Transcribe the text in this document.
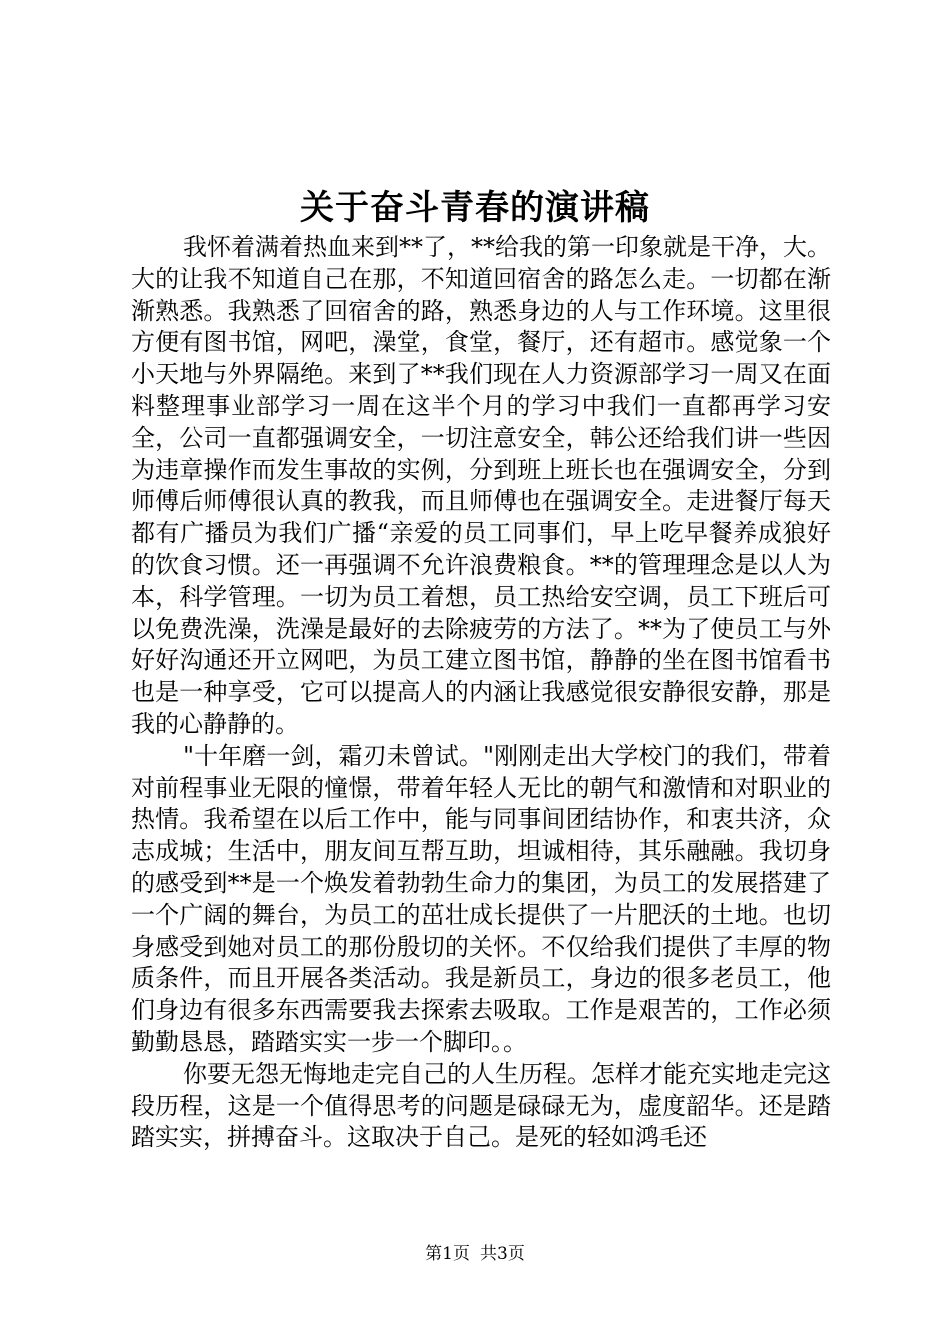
关于奋斗青春的演讲稿

我怀着满着热血来到**了，**给我的第一印象就是干净，大。大的让我不知道自己在那，不知道回宿舍的路怎么走。一切都在渐渐熟悉。我熟悉了回宿舍的路，熟悉身边的人与工作环境。这里很方便有图书馆，网吧，澡堂，食堂，餐厅，还有超市。感觉象一个小天地与外界隔绝。来到了**我们现在人力资源部学习一周又在面料整理事业部学习一周在这半个月的学习中我们一直都再学习安全，公司一直都强调安全，一切注意安全，韩公还给我们讲一些因为违章操作而发生事故的实例，分到班上班长也在强调安全，分到师傅后师傅很认真的教我，而且师傅也在强调安全。走进餐厅每天都有广播员为我们广播“亲爱的员工同事们，早上吃早餐养成狼好的饮食习惯。还一再强调不允许浪费粮食。**的管理理念是以人为本，科学管理。一切为员工着想，员工热给安空调，员工下班后可以免费洗澡，洗澡是最好的去除疲劳的方法了。**为了使员工与外好好沟通还开立网吧，为员工建立图书馆，静静的坐在图书馆看书也是一种享受，它可以提高人的内涵让我感觉很安静很安静，那是我的心静静的。

"十年磨一剑，霜刃未曾试。"刚刚走出大学校门的我们，带着对前程事业无限的憧憬，带着年轻人无比的朝气和激情和对职业的热情。我希望在以后工作中，能与同事间团结协作，和衷共济，众志成城；生活中，朋友间互帮互助，坦诚相待，其乐融融。我切身的感受到**是一个焕发着勃勃生命力的集团，为员工的发展搭建了一个广阔的舞台，为员工的茁壮成长提供了一片肥沃的土地。也切身感受到她对员工的那份殷切的关怀。不仅给我们提供了丰厚的物质条件，而且开展各类活动。我是新员工，身边的很多老员工，他们身边有很多东西需要我去探索去吸取。工作是艰苦的，工作必须勤勤恳恳，踏踏实实一步一个脚印。。

你要无怨无悔地走完自己的人生历程。怎样才能充实地走完这段历程，这是一个值得思考的问题是碌碌无为，虚度韶华。还是踏踏实实，拼搏奋斗。这取决于自己。是死的轻如鸿毛还

第1页 共3页
